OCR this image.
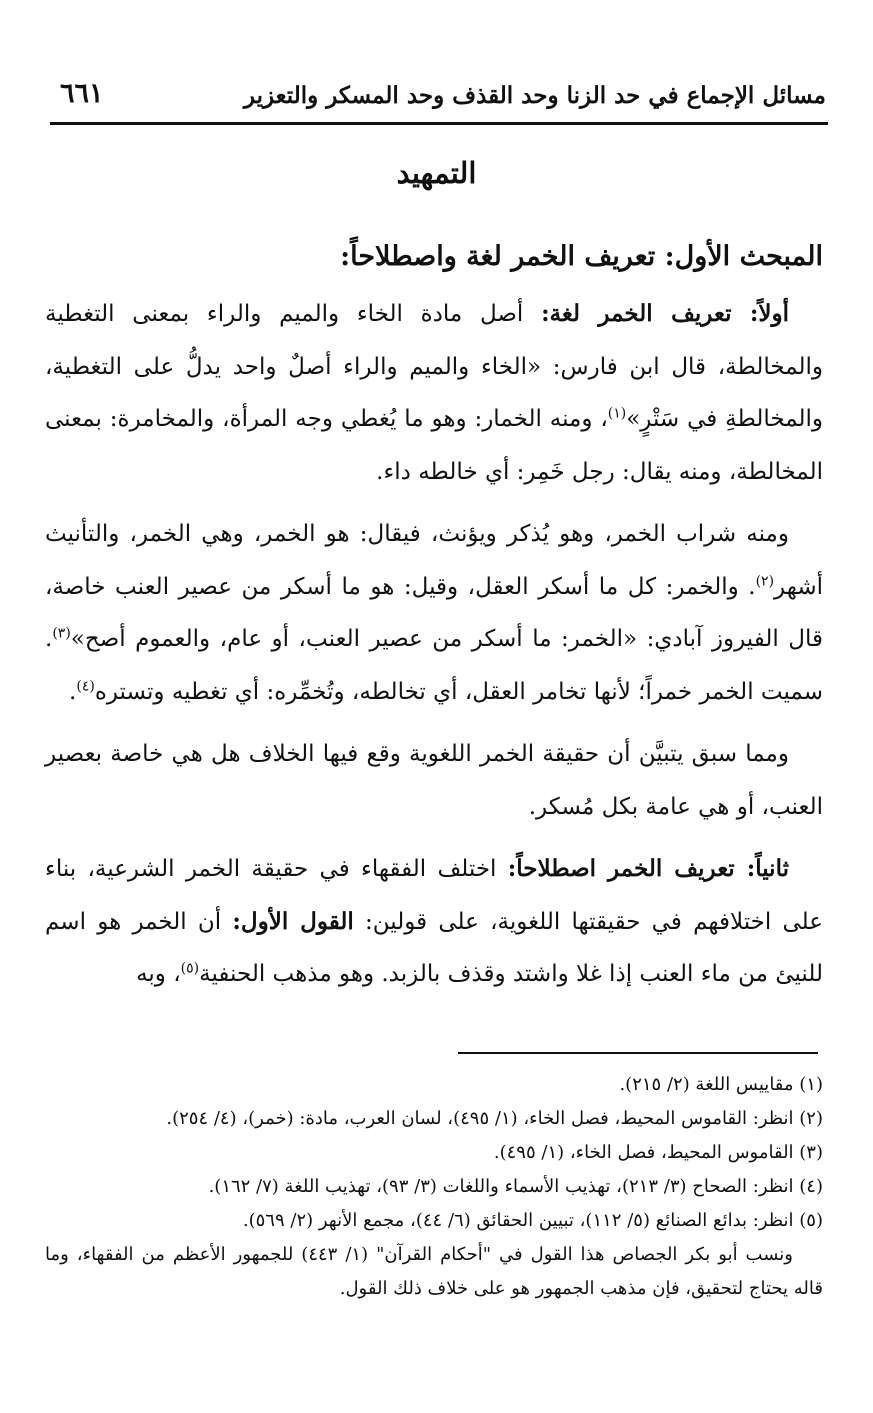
مسائل الإجماع في حد الزنا وحد القذف وحد المسكر والتعزير
٦٦١
التمهيد
المبحث الأول: تعريف الخمر لغة واصطلاحاً:

أولاً: تعريف الخمر لغة: أصل مادة الخاء والميم والراء بمعنى التغطية والمخالطة، قال ابن فارس: «الخاء والميم والراء أصلٌ واحد يدلُّ على التغطية، والمخالطةِ في سَتْرٍ»$^{(١)}$، ومنه الخمار: وهو ما يُغطي وجه المرأة، والمخامرة: بمعنى المخالطة، ومنه يقال: رجل خَمِر: أي خالطه داء.

ومنه شراب الخمر، وهو يُذكر ويؤنث، فيقال: هو الخمر، وهي الخمر، والتأنيث أشهر$^{(٢)}$. والخمر: كل ما أسكر العقل، وقيل: هو ما أسكر من عصير العنب خاصة، قال الفيروز آبادي: «الخمر: ما أسكر من عصير العنب، أو عام، والعموم أصح»$^{(٣)}$. سميت الخمر خمراً؛ لأنها تخامر العقل، أي تخالطه، وتُخمِّره: أي تغطيه وتستره$^{(٤)}$.

ومما سبق يتبيَّن أن حقيقة الخمر اللغوية وقع فيها الخلاف هل هي خاصة بعصير العنب، أو هي عامة بكل مُسكر.

ثانياً: تعريف الخمر اصطلاحاً: اختلف الفقهاء في حقيقة الخمر الشرعية، بناء على اختلافهم في حقيقتها اللغوية، على قولين: القول الأول: أن الخمر هو اسم للنيئ من ماء العنب إذا غلا واشتد وقذف بالزبد. وهو مذهب الحنفية$^{(٥)}$، وبه

(١) مقاييس اللغة (٢/ ٢١٥).

(٢) انظر: القاموس المحيط، فصل الخاء، (١/ ٤٩٥)، لسان العرب، مادة: (خمر)، (٤/ ٢٥٤).

(٣) القاموس المحيط، فصل الخاء، (١/ ٤٩٥).

(٤) انظر: الصحاح (٣/ ٢١٣)، تهذيب الأسماء واللغات (٣/ ٩٣)، تهذيب اللغة (٧/ ١٦٢).

(٥) انظر: بدائع الصنائع (٥/ ١١٢)، تبيين الحقائق (٦/ ٤٤)، مجمع الأنهر (٢/ ٥٦٩).

ونسب أبو بكر الجصاص هذا القول في "أحكام القرآن" (١/ ٤٤٣) للجمهور الأعظم من الفقهاء، وما قاله يحتاج لتحقيق، فإن مذهب الجمهور هو على خلاف ذلك القول.
